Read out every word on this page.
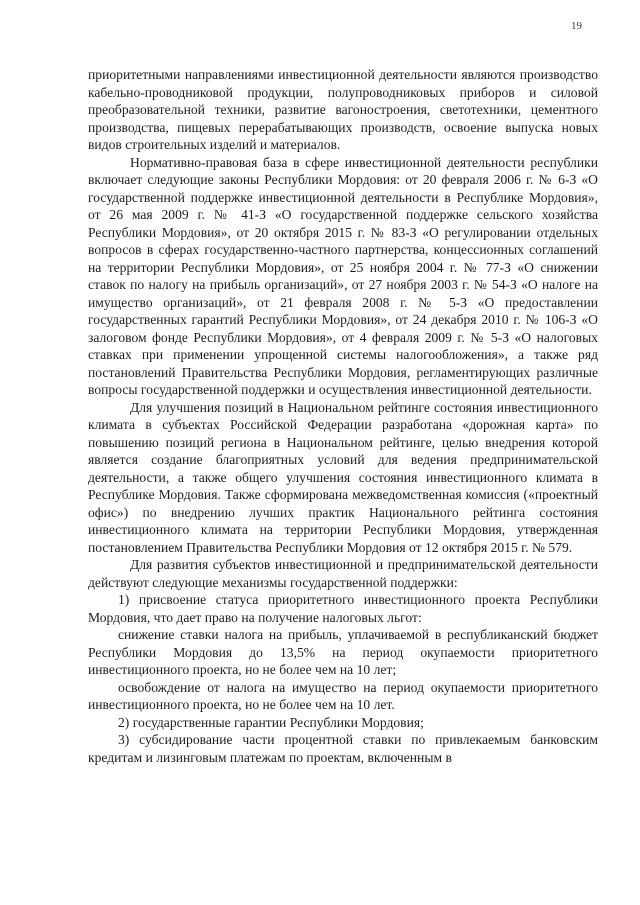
19

приоритетными направлениями инвестиционной деятельности являются производство кабельно-проводниковой продукции, полупроводниковых приборов и силовой преобразовательной техники, развитие вагоностроения, светотехники, цементного производства, пищевых перерабатывающих производств, освоение выпуска новых видов строительных изделий и материалов.

Нормативно-правовая база в сфере инвестиционной деятельности республики включает следующие законы Республики Мордовия: от 20 февраля 2006 г. № 6-З «О государственной поддержке инвестиционной деятельности в Республике Мордовия», от 26 мая 2009 г. № 41-З «О государственной поддержке сельского хозяйства Республики Мордовия», от 20 октября 2015 г. № 83-З «О регулировании отдельных вопросов в сферах государственно-частного партнерства, концессионных соглашений на территории Республики Мордовия», от 25 ноября 2004 г. № 77-З «О снижении ставок по налогу на прибыль организаций», от 27 ноября 2003 г. № 54-З «О налоге на имущество организаций», от 21 февраля 2008 г. № 5-З «О предоставлении государственных гарантий Республики Мордовия», от 24 декабря 2010 г. № 106-З «О залоговом фонде Республики Мордовия», от 4 февраля 2009 г. № 5-З «О налоговых ставках при применении упрощенной системы налогообложения», а также ряд постановлений Правительства Республики Мордовия, регламентирующих различные вопросы государственной поддержки и осуществления инвестиционной деятельности.

Для улучшения позиций в Национальном рейтинге состояния инвестиционного климата в субъектах Российской Федерации разработана «дорожная карта» по повышению позиций региона в Национальном рейтинге, целью внедрения которой является создание благоприятных условий для ведения предпринимательской деятельности, а также общего улучшения состояния инвестиционного климата в Республике Мордовия. Также сформирована межведомственная комиссия («проектный офис») по внедрению лучших практик Национального рейтинга состояния инвестиционного климата на территории Республики Мордовия, утвержденная постановлением Правительства Республики Мордовия от 12 октября 2015 г. № 579.

Для развития субъектов инвестиционной и предпринимательской деятельности действуют следующие механизмы государственной поддержки:

1) присвоение статуса приоритетного инвестиционного проекта Республики Мордовия, что дает право на получение налоговых льгот:

снижение ставки налога на прибыль, уплачиваемой в республиканский бюджет Республики Мордовия до 13,5% на период окупаемости приоритетного инвестиционного проекта, но не более чем на 10 лет;

освобождение от налога на имущество на период окупаемости приоритетного инвестиционного проекта, но не более чем на 10 лет.

2) государственные гарантии Республики Мордовия;

3) субсидирование части процентной ставки по привлекаемым банковским кредитам и лизинговым платежам по проектам, включенным в
